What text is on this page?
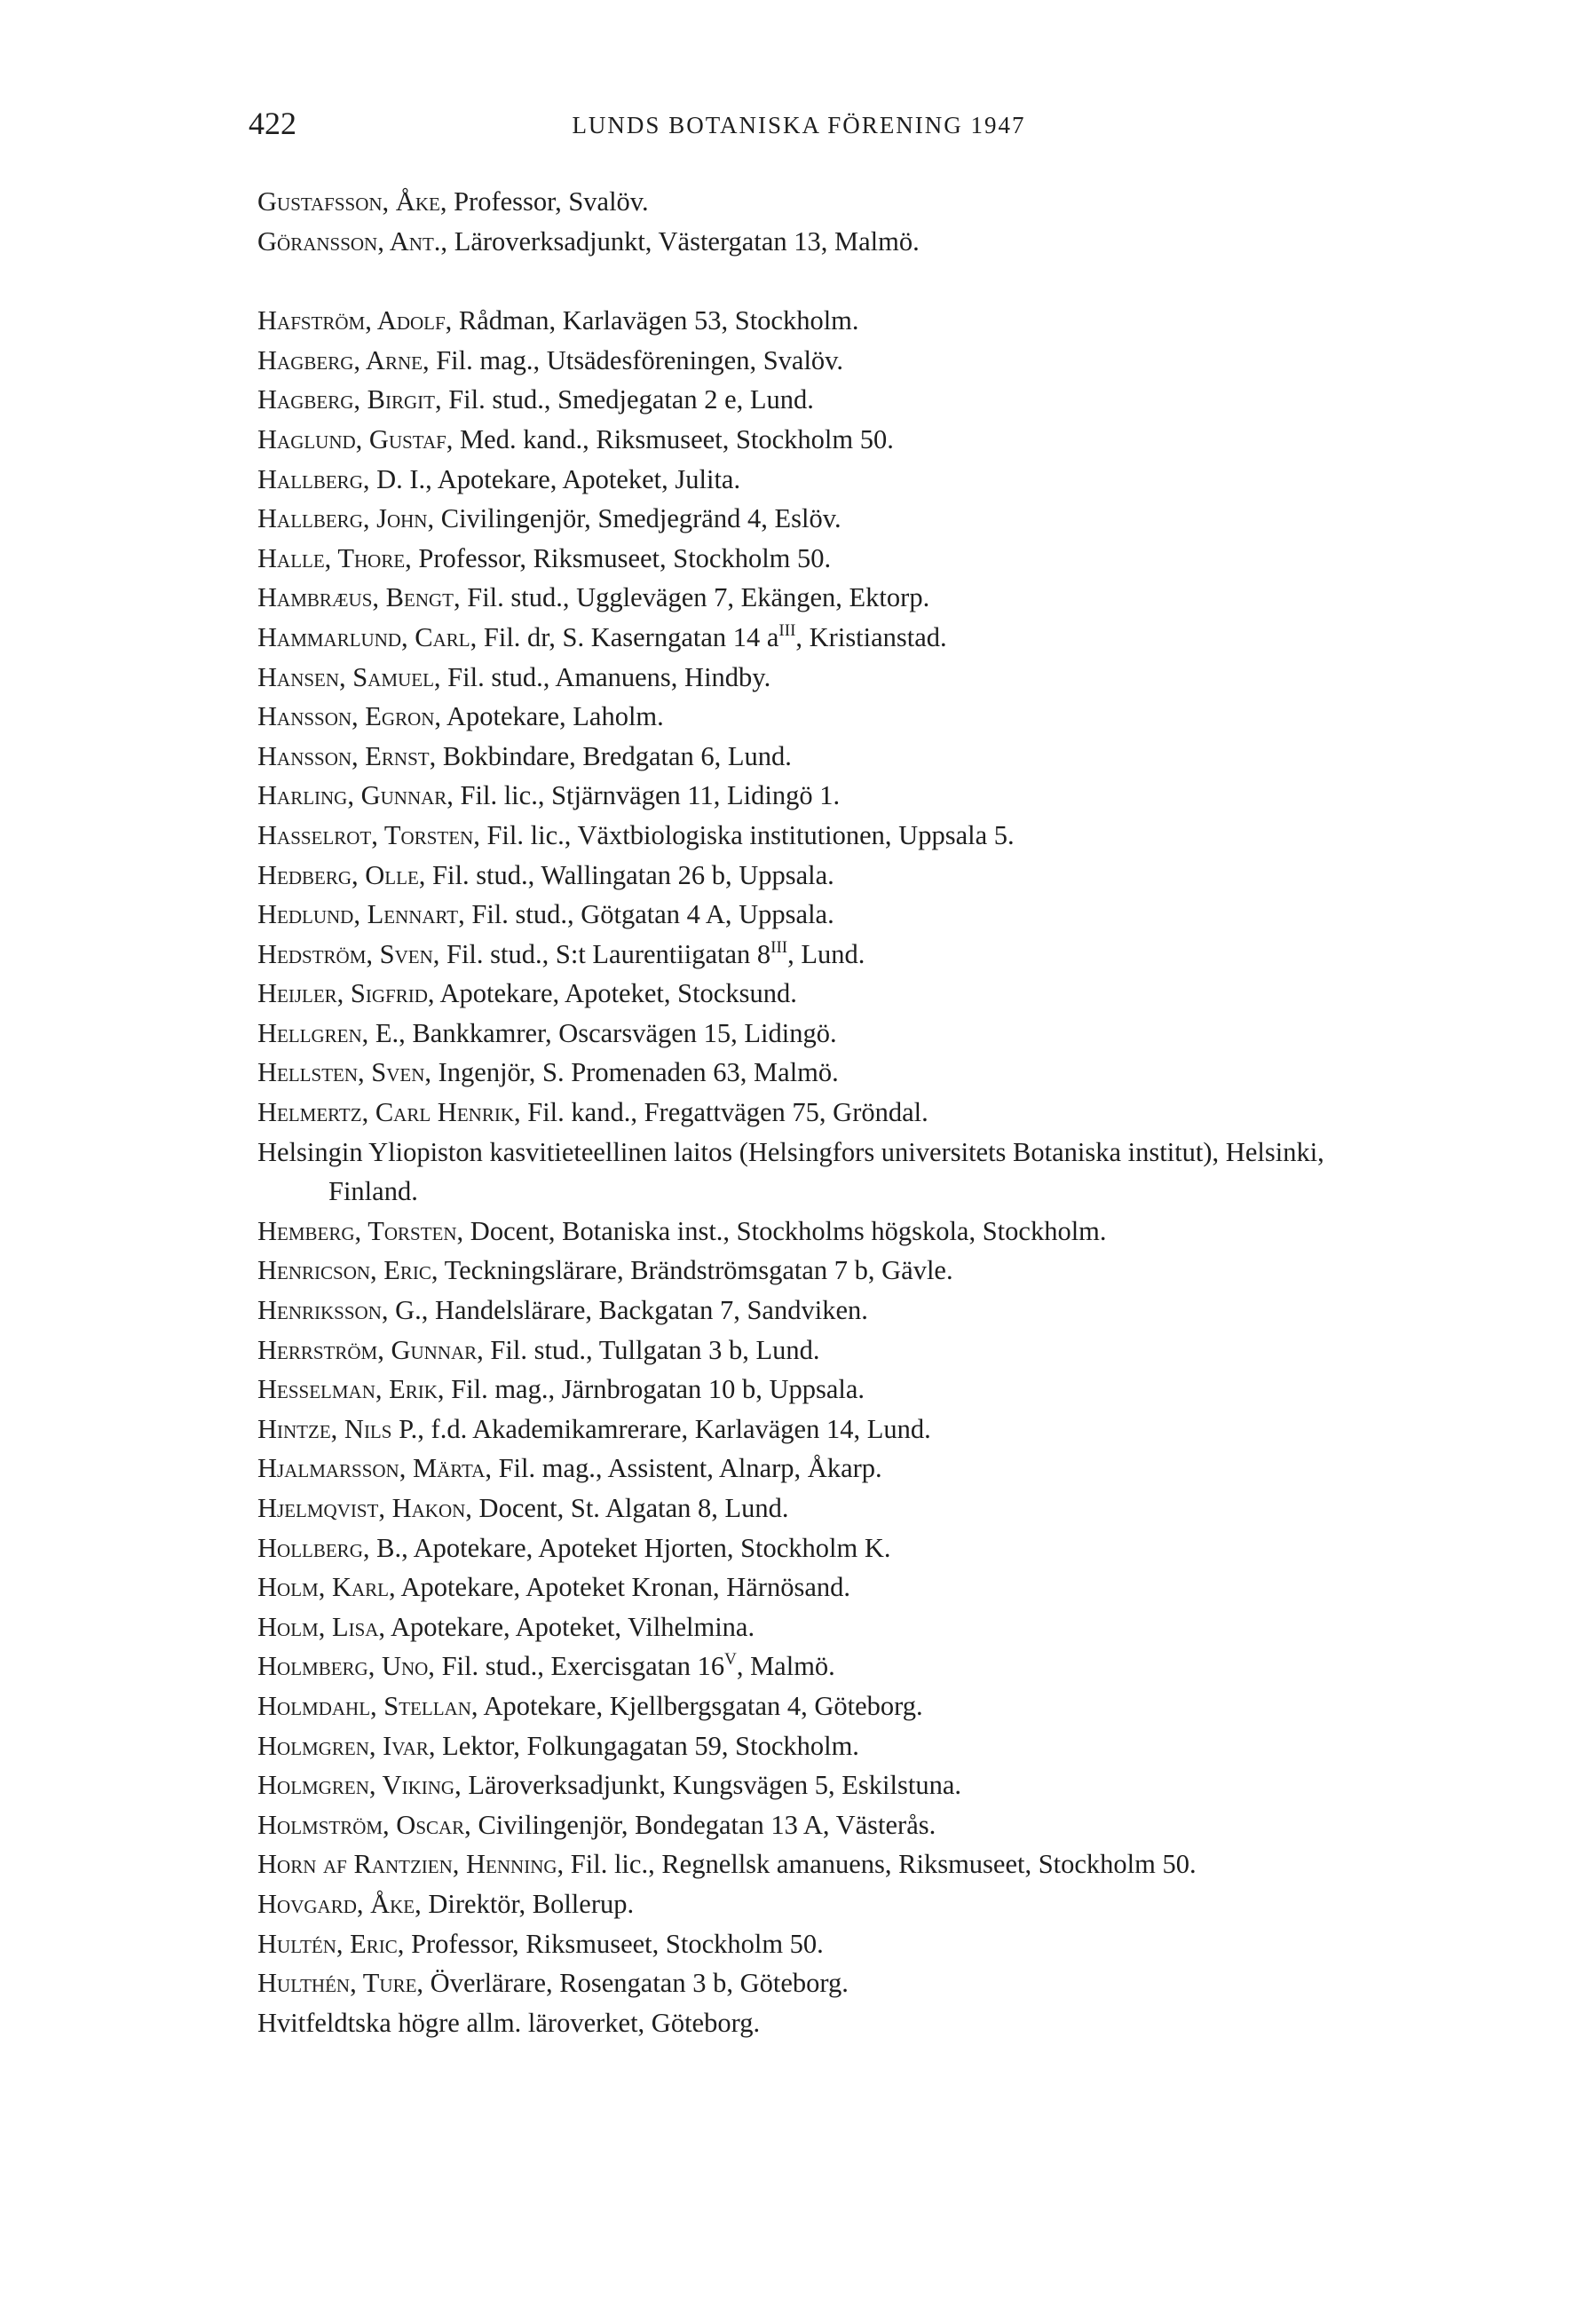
422	LUNDS BOTANISKA FÖRENING 1947
Gustafsson, Åke, Professor, Svalöv.
Göransson, Ant., Läroverksadjunkt, Västergatan 13, Malmö.
Hafström, Adolf, Rådman, Karlavägen 53, Stockholm.
Hagberg, Arne, Fil. mag., Utsädesföreningen, Svalöv.
Hagberg, Birgit, Fil. stud., Smedjegatan 2 e, Lund.
Haglund, Gustaf, Med. kand., Riksmuseet, Stockholm 50.
Hallberg, D. I., Apotekare, Apoteket, Julita.
Hallberg, John, Civilingenjör, Smedjegränd 4, Eslöv.
Halle, Thore, Professor, Riksmuseet, Stockholm 50.
Hambræus, Bengt, Fil. stud., Ugglevägen 7, Ekängen, Ektorp.
Hammarlund, Carl, Fil. dr, S. Kaserngatan 14 $a^{III}$, Kristianstad.
Hansen, Samuel, Fil. stud., Amanuens, Hindby.
Hansson, Egron, Apotekare, Laholm.
Hansson, Ernst, Bokbindare, Bredgatan 6, Lund.
Harling, Gunnar, Fil. lic., Stjärnvägen 11, Lidingö 1.
Hasselrot, Torsten, Fil. lic., Växtbiologiska institutionen, Uppsala 5.
Hedberg, Olle, Fil. stud., Wallingatan 26 b, Uppsala.
Hedlund, Lennart, Fil. stud., Götgatan 4 A, Uppsala.
Hedström, Sven, Fil. stud., S:t Laurentiigatan $8^{III}$, Lund.
Heijler, Sigfrid, Apotekare, Apoteket, Stocksund.
Hellgren, E., Bankkamrer, Oscarsvägen 15, Lidingö.
Hellsten, Sven, Ingenjör, S. Promenaden 63, Malmö.
Helmertz, Carl Henrik, Fil. kand., Fregattvägen 75, Gröndal.
Helsingin Yliopiston kasvitieteellinen laitos (Helsingfors universitets Botaniska institut), Helsinki, Finland.
Hemberg, Torsten, Docent, Botaniska inst., Stockholms högskola, Stockholm.
Henricson, Eric, Teckningslärare, Brändströmsgatan 7 b, Gävle.
Henriksson, G., Handelslärare, Backgatan 7, Sandviken.
Herrström, Gunnar, Fil. stud., Tullgatan 3 b, Lund.
Hesselman, Erik, Fil. mag., Järnbrogatan 10 b, Uppsala.
Hintze, Nils P., f.d. Akademikamrerare, Karlavägen 14, Lund.
Hjalmarsson, Märta, Fil. mag., Assistent, Alnarp, Åkarp.
Hjelmqvist, Hakon, Docent, St. Algatan 8, Lund.
Hollberg, B., Apotekare, Apoteket Hjorten, Stockholm K.
Holm, Karl, Apotekare, Apoteket Kronan, Härnösand.
Holm, Lisa, Apotekare, Apoteket, Vilhelmina.
Holmberg, Uno, Fil. stud., Exercisgatan $16^V$, Malmö.
Holmdahl, Stellan, Apotekare, Kjellbergsgatan 4, Göteborg.
Holmgren, Ivar, Lektor, Folkungagatan 59, Stockholm.
Holmgren, Viking, Läroverksadjunkt, Kungsvägen 5, Eskilstuna.
Holmström, Oscar, Civilingenjör, Bondegatan 13 A, Västerås.
Horn af Rantzien, Henning, Fil. lic., Regnellsk amanuens, Riksmuseet, Stockholm 50.
Hovgard, Åke, Direktör, Bollerup.
Hultén, Eric, Professor, Riksmuseet, Stockholm 50.
Hulthén, Ture, Överlärare, Rosengatan 3 b, Göteborg.
Hvitfeldtska högre allm. läroverket, Göteborg.
